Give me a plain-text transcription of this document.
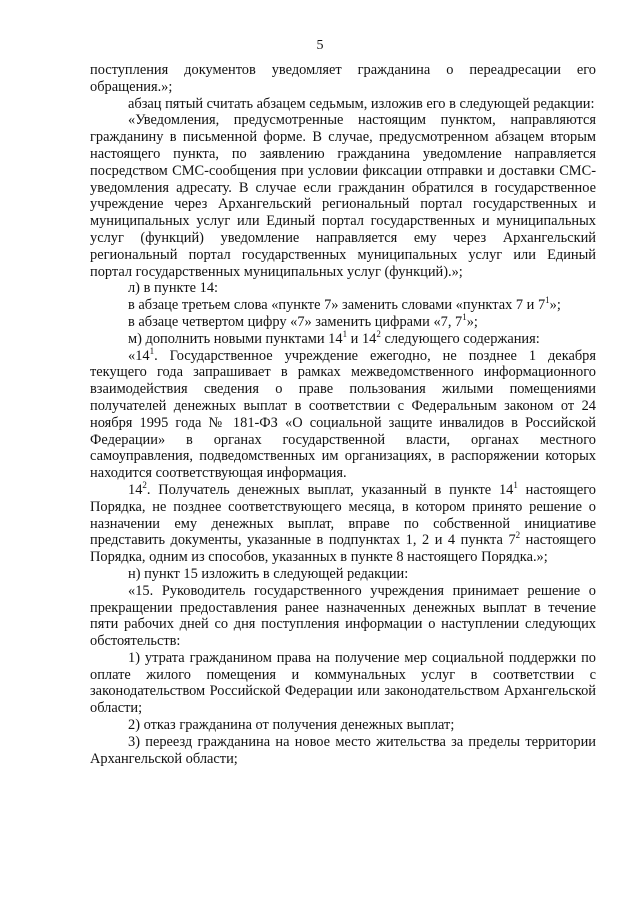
5

поступления документов уведомляет гражданина о переадресации его обращения.»;

абзац пятый считать абзацем седьмым, изложив его в следующей редакции:

«Уведомления, предусмотренные настоящим пунктом, направляются гражданину в письменной форме. В случае, предусмотренном абзацем вторым настоящего пункта, по заявлению гражданина уведомление направляется посредством СМС-сообщения при условии фиксации отправки и доставки СМС-уведомления адресату. В случае если гражданин обратился в государственное учреждение через Архангельский региональный портал государственных и муниципальных услуг или Единый портал государственных и муниципальных услуг (функций) уведомление направляется ему через Архангельский региональный портал государственных муниципальных услуг или Единый портал государственных муниципальных услуг (функций).»;

л) в пункте 14:

в абзаце третьем слова «пункте 7» заменить словами «пунктах 7 и $7^1$»;

в абзаце четвертом цифру «7» заменить цифрами «7, $7^1$»;

м) дополнить новыми пунктами $14^1$ и $14^2$ следующего содержания:

«$14^1$. Государственное учреждение ежегодно, не позднее 1 декабря текущего года запрашивает в рамках межведомственного информационного взаимодействия сведения о праве пользования жилыми помещениями получателей денежных выплат в соответствии с Федеральным законом от 24 ноября 1995 года № 181-ФЗ «О социальной защите инвалидов в Российской Федерации» в органах государственной власти, органах местного самоуправления, подведомственных им организациях, в распоряжении которых находится соответствующая информация.

$14^2$. Получатель денежных выплат, указанный в пункте $14^1$ настоящего Порядка, не позднее соответствующего месяца, в котором принято решение о назначении ему денежных выплат, вправе по собственной инициативе представить документы, указанные в подпунктах 1, 2 и 4 пункта $7^2$ настоящего Порядка, одним из способов, указанных в пункте 8 настоящего Порядка.»;

н) пункт 15 изложить в следующей редакции:

«15. Руководитель государственного учреждения принимает решение о прекращении предоставления ранее назначенных денежных выплат в течение пяти рабочих дней со дня поступления информации о наступлении следующих обстоятельств:

1) утрата гражданином права на получение мер социальной поддержки по оплате жилого помещения и коммунальных услуг в соответствии с законодательством Российской Федерации или законодательством Архангельской области;

2) отказ гражданина от получения денежных выплат;

3) переезд гражданина на новое место жительства за пределы территории Архангельской области;
